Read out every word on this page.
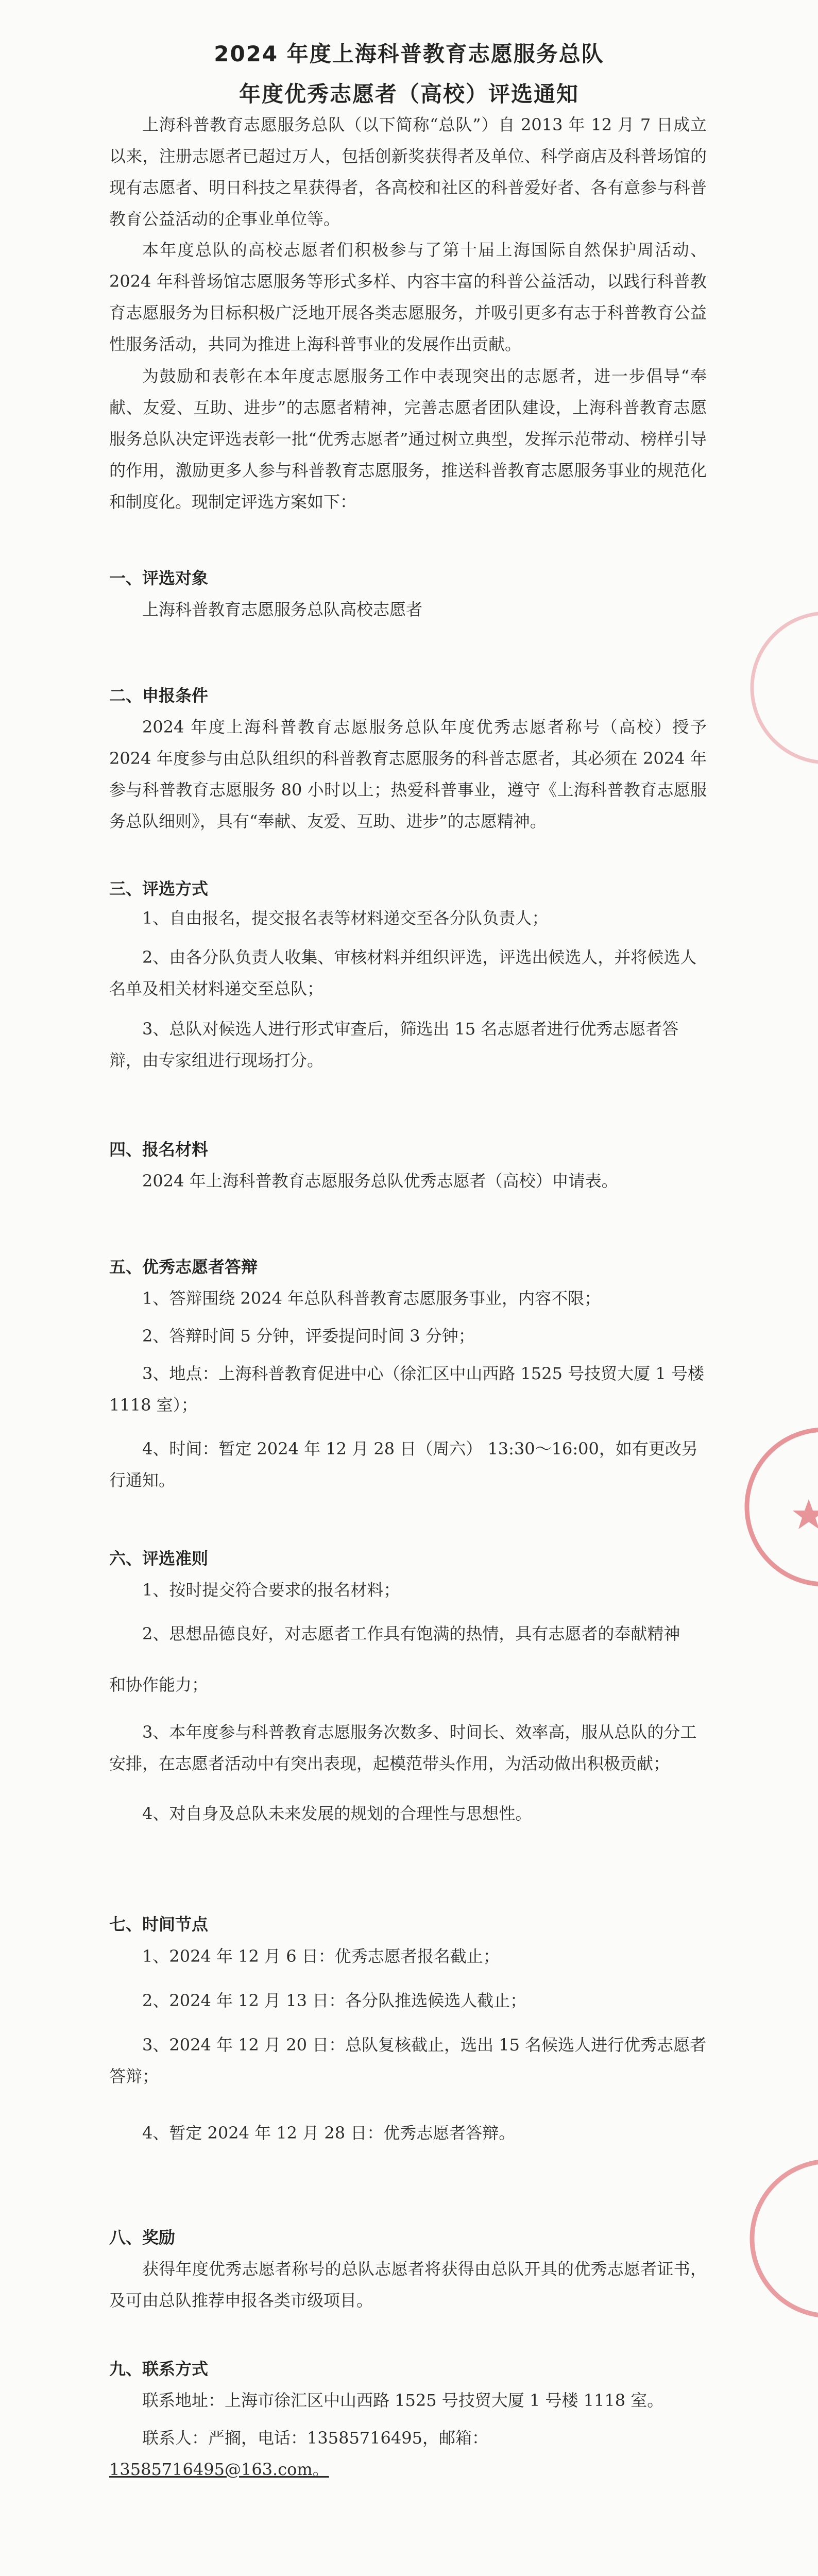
2024 年度上海科普教育志愿服务总队
年度优秀志愿者（高校）评选通知

上海科普教育志愿服务总队（以下简称“总队”）自 2013 年 12 月 7 日成立以来，注册志愿者已超过万人，包括创新奖获得者及单位、科学商店及科普场馆的现有志愿者、明日科技之星获得者，各高校和社区的科普爱好者、各有意参与科普教育公益活动的企事业单位等。

本年度总队的高校志愿者们积极参与了第十届上海国际自然保护周活动、2024 年科普场馆志愿服务等形式多样、内容丰富的科普公益活动，以践行科普教育志愿服务为目标积极广泛地开展各类志愿服务，并吸引更多有志于科普教育公益性服务活动，共同为推进上海科普事业的发展作出贡献。

为鼓励和表彰在本年度志愿服务工作中表现突出的志愿者，进一步倡导“奉献、友爱、互助、进步”的志愿者精神，完善志愿者团队建设，上海科普教育志愿服务总队决定评选表彰一批“优秀志愿者”通过树立典型，发挥示范带动、榜样引导的作用，激励更多人参与科普教育志愿服务，推送科普教育志愿服务事业的规范化和制度化。现制定评选方案如下：

一、评选对象

上海科普教育志愿服务总队高校志愿者

二、申报条件

2024 年度上海科普教育志愿服务总队年度优秀志愿者称号（高校）授予 2024 年度参与由总队组织的科普教育志愿服务的科普志愿者，其必须在 2024 年参与科普教育志愿服务 80 小时以上；热爱科普事业，遵守《上海科普教育志愿服务总队细则》，具有“奉献、友爱、互助、进步”的志愿精神。

三、评选方式

1、自由报名，提交报名表等材料递交至各分队负责人；

2、由各分队负责人收集、审核材料并组织评选，评选出候选人，并将候选人名单及相关材料递交至总队；

3、总队对候选人进行形式审查后，筛选出 15 名志愿者进行优秀志愿者答辩，由专家组进行现场打分。

四、报名材料

2024 年上海科普教育志愿服务总队优秀志愿者（高校）申请表。

五、优秀志愿者答辩

1、答辩围绕 2024 年总队科普教育志愿服务事业，内容不限；

2、答辩时间 5 分钟，评委提问时间 3 分钟；

3、地点：上海科普教育促进中心（徐汇区中山西路 1525 号技贸大厦 1 号楼 1118 室）；

4、时间：暂定 2024 年 12 月 28 日（周六） 13:30～16:00，如有更改另行通知。

六、评选准则

1、按时提交符合要求的报名材料；

2、思想品德良好，对志愿者工作具有饱满的热情，具有志愿者的奉献精神

和协作能力；

3、本年度参与科普教育志愿服务次数多、时间长、效率高，服从总队的分工安排，在志愿者活动中有突出表现，起模范带头作用，为活动做出积极贡献；

4、对自身及总队未来发展的规划的合理性与思想性。

七、时间节点

1、2024 年 12 月 6 日：优秀志愿者报名截止；

2、2024 年 12 月 13 日：各分队推选候选人截止；

3、2024 年 12 月 20 日：总队复核截止，选出 15 名候选人进行优秀志愿者答辩；

4、暂定 2024 年 12 月 28 日：优秀志愿者答辩。

八、奖励

获得年度优秀志愿者称号的总队志愿者将获得由总队开具的优秀志愿者证书，及可由总队推荐申报各类市级项目。

九、联系方式

联系地址：上海市徐汇区中山西路 1525 号技贸大厦 1 号楼 1118 室。

联系人：严搁，电话：13585716495，邮箱：13585716495@163.com。
